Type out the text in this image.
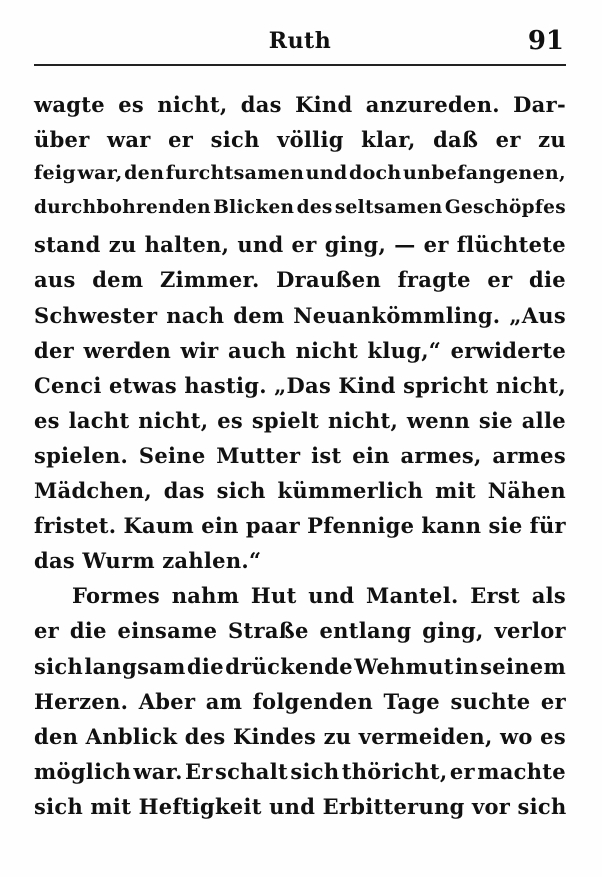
Ruth	91
wagte es nicht, das Kind anzureden. Dar-
über war er sich völlig klar, daß er zu
feig war, den furchtsamen und doch unbefangenen,
durchbohrenden Blicken des seltsamen Geschöpfes
stand zu halten, und er ging, — er flüchtete
aus dem Zimmer. Draußen fragte er die
Schwester nach dem Neuankömmling. „Aus
der werden wir auch nicht klug,“ erwiderte
Cenci etwas hastig. „Das Kind spricht nicht,
es lacht nicht, es spielt nicht, wenn sie alle
spielen. Seine Mutter ist ein armes, armes
Mädchen, das sich kümmerlich mit Nähen
fristet. Kaum ein paar Pfennige kann sie für
das Wurm zahlen.“
Formes nahm Hut und Mantel. Erst als
er die einsame Straße entlang ging, verlor
sich langsam die drückende Wehmut in seinem
Herzen. Aber am folgenden Tage suchte er
den Anblick des Kindes zu vermeiden, wo es
möglich war. Er schalt sich thöricht, er machte
sich mit Heftigkeit und Erbitterung vor sich
